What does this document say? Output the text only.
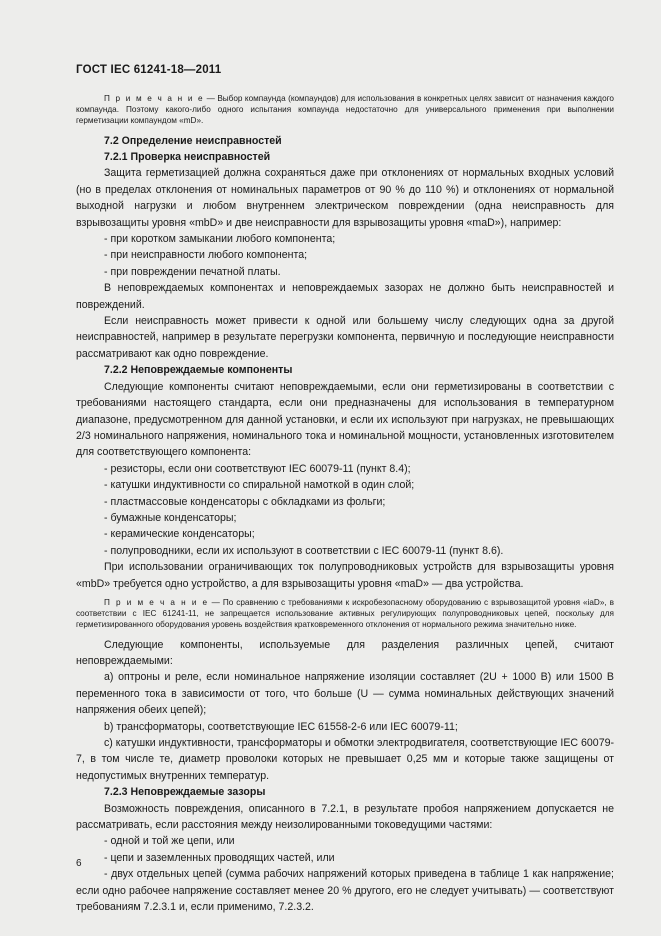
ГОСТ IEC 61241-18—2011

П р и м е ч а н и е — Выбор компаунда (компаундов) для использования в конкретных целях зависит от назначения каждого компаунда. Поэтому какого-либо одного испытания компаунда недостаточно для универсального применения при выполнении герметизации компаундом «mD».

7.2 Определение неисправностей

7.2.1 Проверка неисправностей

Защита герметизацией должна сохраняться даже при отклонениях от нормальных входных условий (но в пределах отклонения от номинальных параметров от 90 % до 110 %) и отклонениях от нормальной выходной нагрузки и любом внутреннем электрическом повреждении (одна неисправность для взрывозащиты уровня «mbD» и две неисправности для взрывозащиты уровня «maD»), например:

- при коротком замыкании любого компонента;

- при неисправности любого компонента;

- при повреждении печатной платы.

В неповреждаемых компонентах и неповреждаемых зазорах не должно быть неисправностей и повреждений.

Если неисправность может привести к одной или большему числу следующих одна за другой неисправностей, например в результате перегрузки компонента, первичную и последующие неисправности рассматривают как одно повреждение.

7.2.2 Неповреждаемые компоненты

Следующие компоненты считают неповреждаемыми, если они герметизированы в соответствии с требованиями настоящего стандарта, если они предназначены для использования в температурном диапазоне, предусмотренном для данной установки, и если их используют при нагрузках, не превышающих 2/3 номинального напряжения, номинального тока и номинальной мощности, установленных изготовителем для соответствующего компонента:

- резисторы, если они соответствуют IEC 60079-11 (пункт 8.4);

- катушки индуктивности со спиральной намоткой в один слой;

- пластмассовые конденсаторы с обкладками из фольги;

- бумажные конденсаторы;

- керамические конденсаторы;

- полупроводники, если их используют в соответствии с IEC 60079-11 (пункт 8.6).

При использовании ограничивающих ток полупроводниковых устройств для взрывозащиты уровня «mbD» требуется одно устройство, а для взрывозащиты уровня «maD» — два устройства.

П р и м е ч а н и е — По сравнению с требованиями к искробезопасному оборудованию с взрывозащитой уровня «iaD», в соответствии с IEC 61241-11, не запрещается использование активных регулирующих полупроводниковых цепей, поскольку для герметизированного оборудования уровень воздействия кратковременного отклонения от нормального режима значительно ниже.

Следующие компоненты, используемые для разделения различных цепей, считают неповреждаемыми:

a) оптроны и реле, если номинальное напряжение изоляции составляет (2U + 1000 В) или 1500 В переменного тока в зависимости от того, что больше (U — сумма номинальных действующих значений напряжения обеих цепей);

b) трансформаторы, соответствующие IEC 61558-2-6 или IEC 60079-11;

c) катушки индуктивности, трансформаторы и обмотки электродвигателя, соответствующие IEC 60079-7, в том числе те, диаметр проволоки которых не превышает 0,25 мм и которые также защищены от недопустимых внутренних температур.

7.2.3 Неповреждаемые зазоры

Возможность повреждения, описанного в 7.2.1, в результате пробоя напряжением допускается не рассматривать, если расстояния между неизолированными токоведущими частями:

- одной и той же цепи, или

- цепи и заземленных проводящих частей, или

- двух отдельных цепей (сумма рабочих напряжений которых приведена в таблице 1 как напряжение; если одно рабочее напряжение составляет менее 20 % другого, его не следует учитывать) — соответствуют требованиям 7.2.3.1 и, если применимо, 7.2.3.2.

6
